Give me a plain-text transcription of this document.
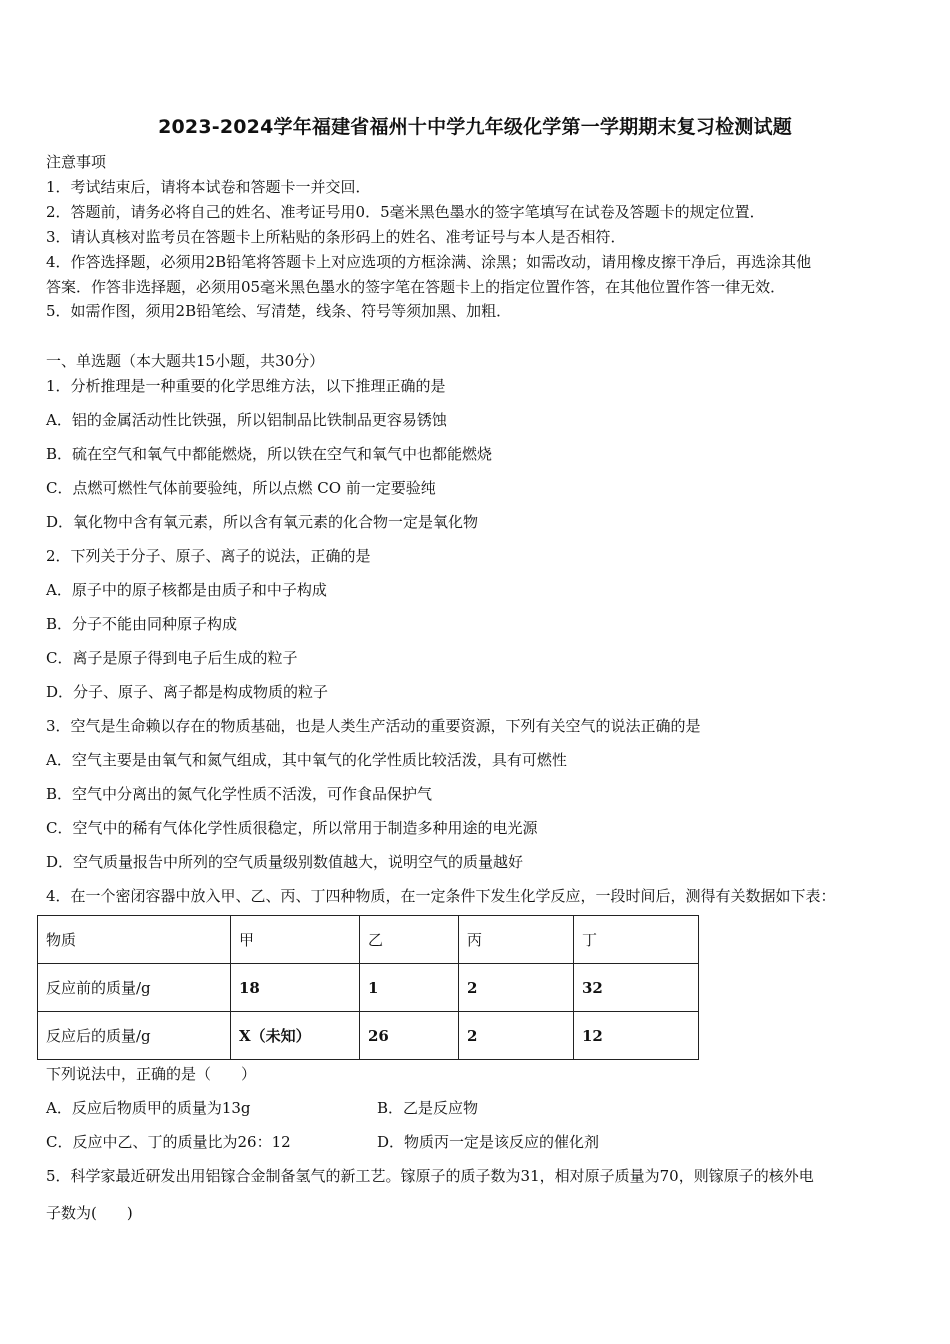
2023-2024学年福建省福州十中学九年级化学第一学期期末复习检测试题
注意事项
1．考试结束后，请将本试卷和答题卡一并交回．
2．答题前，请务必将自己的姓名、准考证号用0．5毫米黑色墨水的签字笔填写在试卷及答题卡的规定位置．
3．请认真核对监考员在答题卡上所粘贴的条形码上的姓名、准考证号与本人是否相符．
4．作答选择题，必须用2B铅笔将答题卡上对应选项的方框涂满、涂黑；如需改动，请用橡皮擦干净后，再选涂其他
答案．作答非选择题，必须用05毫米黑色墨水的签字笔在答题卡上的指定位置作答，在其他位置作答一律无效．
5．如需作图，须用2B铅笔绘、写清楚，线条、符号等须加黑、加粗．
一、单选题（本大题共15小题，共30分）
1．分析推理是一种重要的化学思维方法，以下推理正确的是
A．铝的金属活动性比铁强，所以铝制品比铁制品更容易锈蚀
B．硫在空气和氧气中都能燃烧，所以铁在空气和氧气中也都能燃烧
C．点燃可燃性气体前要验纯，所以点燃 CO 前一定要验纯
D．氧化物中含有氧元素，所以含有氧元素的化合物一定是氧化物
2．下列关于分子、原子、离子的说法，正确的是
A．原子中的原子核都是由质子和中子构成
B．分子不能由同种原子构成
C．离子是原子得到电子后生成的粒子
D．分子、原子、离子都是构成物质的粒子
3．空气是生命赖以存在的物质基础，也是人类生产活动的重要资源，下列有关空气的说法正确的是
A．空气主要是由氧气和氮气组成，其中氧气的化学性质比较活泼，具有可燃性
B．空气中分离出的氮气化学性质不活泼，可作食品保护气
C．空气中的稀有气体化学性质很稳定，所以常用于制造多种用途的电光源
D．空气质量报告中所列的空气质量级别数值越大，说明空气的质量越好
4．在一个密闭容器中放入甲、乙、丙、丁四种物质，在一定条件下发生化学反应，一段时间后，测得有关数据如下表：
物质	甲	乙	丙	丁
反应前的质量/g	18	1	2	32
反应后的质量/g	X（未知）	26	2	12
下列说法中，正确的是（　　）
A．反应后物质甲的质量为13g	B．乙是反应物
C．反应中乙、丁的质量比为26：12	D．物质丙一定是该反应的催化剂
5．科学家最近研发出用铝镓合金制备氢气的新工艺。镓原子的质子数为31，相对原子质量为70，则镓原子的核外电
子数为(　　)
